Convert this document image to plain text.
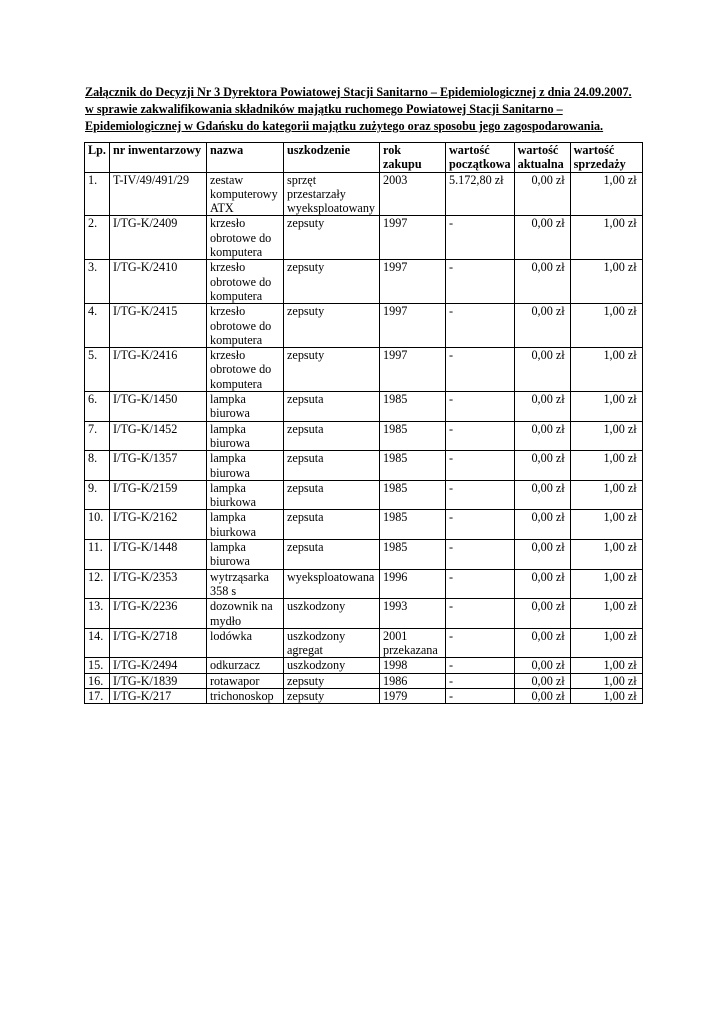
Załącznik do Decyzji Nr 3 Dyrektora Powiatowej Stacji Sanitarno – Epidemiologicznej z dnia 24.09.2007.
w sprawie zakwalifikowania składników majątku ruchomego Powiatowej Stacji Sanitarno –
Epidemiologicznej w Gdańsku do kategorii majątku zużytego oraz sposobu jego zagospodarowania.
Lp.	nr inwentarzowy	nazwa	uszkodzenie	rok zakupu	wartość początkowa	wartość aktualna	wartość sprzedaży
1.	T-IV/49/491/29	zestaw komputerowy ATX	sprzęt przestarzały wyeksploatowany	2003	5.172,80 zł	0,00 zł	1,00 zł
2.	I/TG-K/2409	krzesło obrotowe do komputera	zepsuty	1997	-	0,00 zł	1,00 zł
3.	I/TG-K/2410	krzesło obrotowe do komputera	zepsuty	1997	-	0,00 zł	1,00 zł
4.	I/TG-K/2415	krzesło obrotowe do komputera	zepsuty	1997	-	0,00 zł	1,00 zł
5.	I/TG-K/2416	krzesło obrotowe do komputera	zepsuty	1997	-	0,00 zł	1,00 zł
6.	I/TG-K/1450	lampka biurowa	zepsuta	1985	-	0,00 zł	1,00 zł
7.	I/TG-K/1452	lampka biurowa	zepsuta	1985	-	0,00 zł	1,00 zł
8.	I/TG-K/1357	lampka biurowa	zepsuta	1985	-	0,00 zł	1,00 zł
9.	I/TG-K/2159	lampka biurkowa	zepsuta	1985	-	0,00 zł	1,00 zł
10.	I/TG-K/2162	lampka biurkowa	zepsuta	1985	-	0,00 zł	1,00 zł
11.	I/TG-K/1448	lampka biurowa	zepsuta	1985	-	0,00 zł	1,00 zł
12.	I/TG-K/2353	wytrząsarka 358 s	wyeksploatowana	1996	-	0,00 zł	1,00 zł
13.	I/TG-K/2236	dozownik na mydło	uszkodzony	1993	-	0,00 zł	1,00 zł
14.	I/TG-K/2718	lodówka	uszkodzony agregat	2001 przekazana	-	0,00 zł	1,00 zł
15.	I/TG-K/2494	odkurzacz	uszkodzony	1998	-	0,00 zł	1,00 zł
16.	I/TG-K/1839	rotawapor	zepsuty	1986	-	0,00 zł	1,00 zł
17.	I/TG-K/217	trichonoskop	zepsuty	1979	-	0,00 zł	1,00 zł
